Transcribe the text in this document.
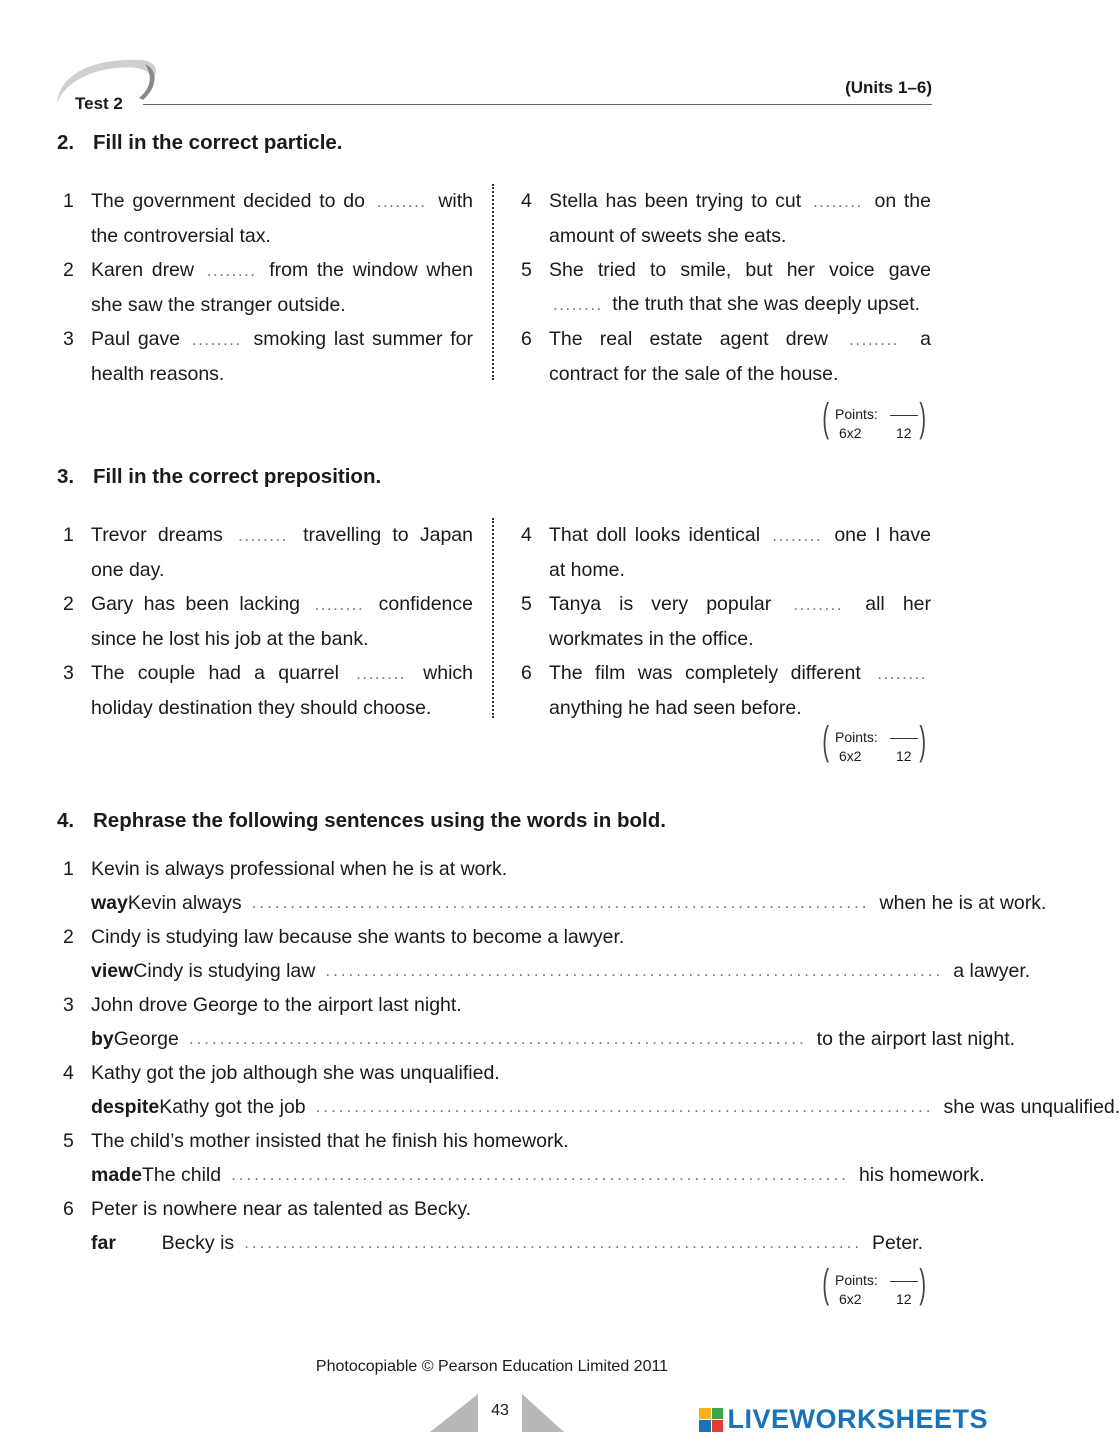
Test 2
(Units 1–6)
2. Fill in the correct particle.
1 The government decided to do ........ with the controversial tax.
2 Karen drew ........ from the window when she saw the stranger outside.
3 Paul gave ........ smoking last summer for health reasons.
4 Stella has been trying to cut ........ on the amount of sweets she eats.
5 She tried to smile, but her voice gave ........ the truth that she was deeply upset.
6 The real estate agent drew ........ a contract for the sale of the house.
( Points:
6x2 12 )
3. Fill in the correct preposition.
1 Trevor dreams ........ travelling to Japan one day.
2 Gary has been lacking ........ confidence since he lost his job at the bank.
3 The couple had a quarrel ........ which holiday destination they should choose.
4 That doll looks identical ........ one I have at home.
5 Tanya is very popular ........ all her workmates in the office.
6 The film was completely different ........ anything he had seen before.
( Points:
6x2 12 )
4. Rephrase the following sentences using the words in bold.
1 Kevin is always professional when he is at work.
way Kevin always ................................................................................ when he is at work.
2 Cindy is studying law because she wants to become a lawyer.
view Cindy is studying law ................................................................................ a lawyer.
3 John drove George to the airport last night.
by George ................................................................................ to the airport last night.
4 Kathy got the job although she was unqualified.
despite Kathy got the job ................................................................................ she was unqualified.
5 The child’s mother insisted that he finish his homework.
made The child ................................................................................ his homework.
6 Peter is nowhere near as talented as Becky.
far	Becky is ................................................................................ Peter.
( Points:
6x2 12 )
Photocopiable © Pearson Education Limited 2011
43	LIVEWORKSHEETS
